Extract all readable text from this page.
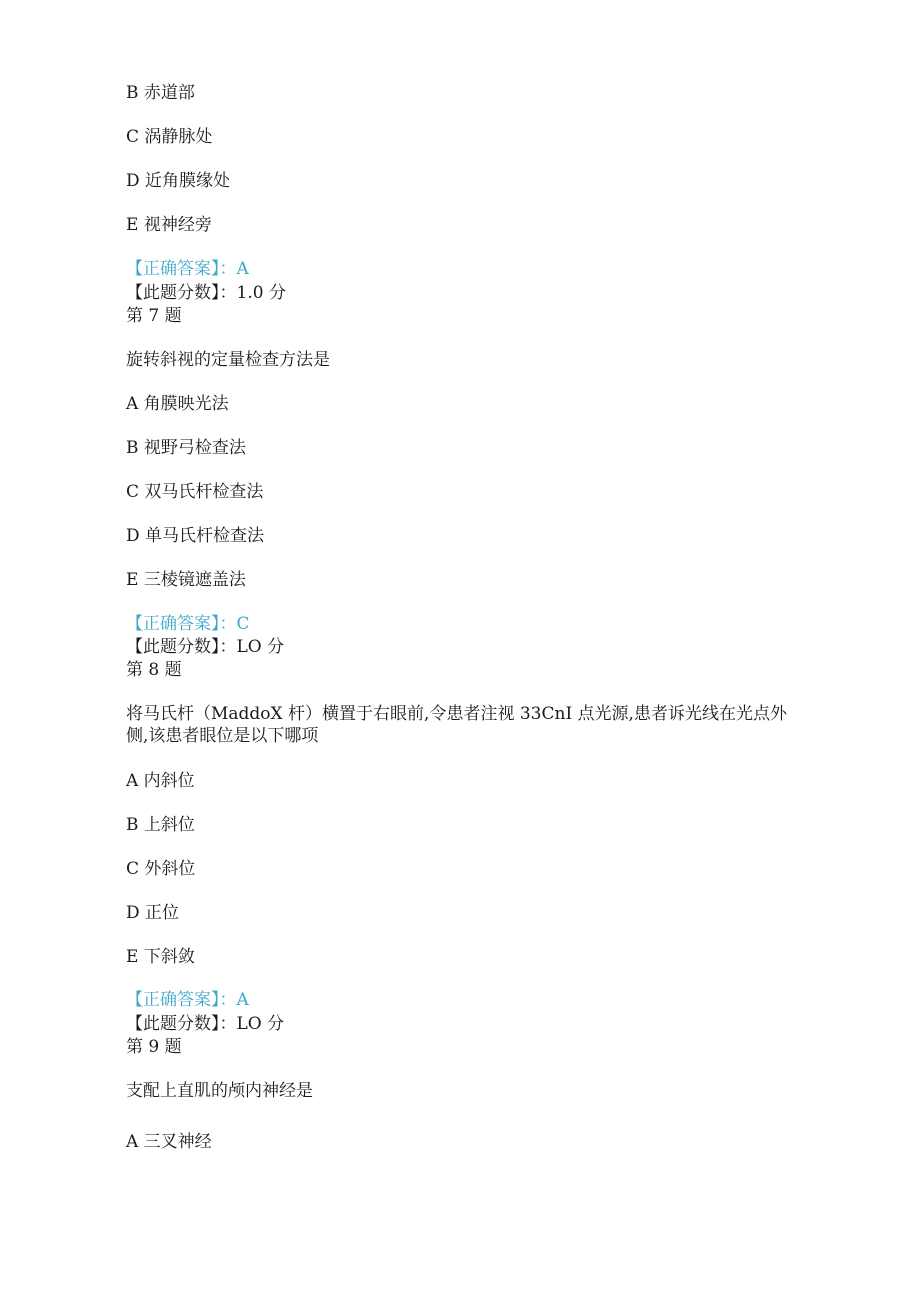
B 赤道部
C 涡静脉处
D 近角膜缘处
E 视神经旁
【正确答案】：A
【此题分数】：1.0 分
第 7 题
旋转斜视的定量检查方法是
A 角膜映光法
B 视野弓检查法
C 双马氏杆检查法
D 单马氏杆检查法
E 三棱镜遮盖法
【正确答案】：C
【此题分数】：LO 分
第 8 题
将马氏杆（MaddoX 杆）横置于右眼前,令患者注视 33CnI 点光源,患者诉光线在光点外侧,该患者眼位是以下哪项
A 内斜位
B 上斜位
C 外斜位
D 正位
E 下斜敛
【正确答案】：A
【此题分数】：LO 分
第 9 题
支配上直肌的颅内神经是
A 三叉神经
